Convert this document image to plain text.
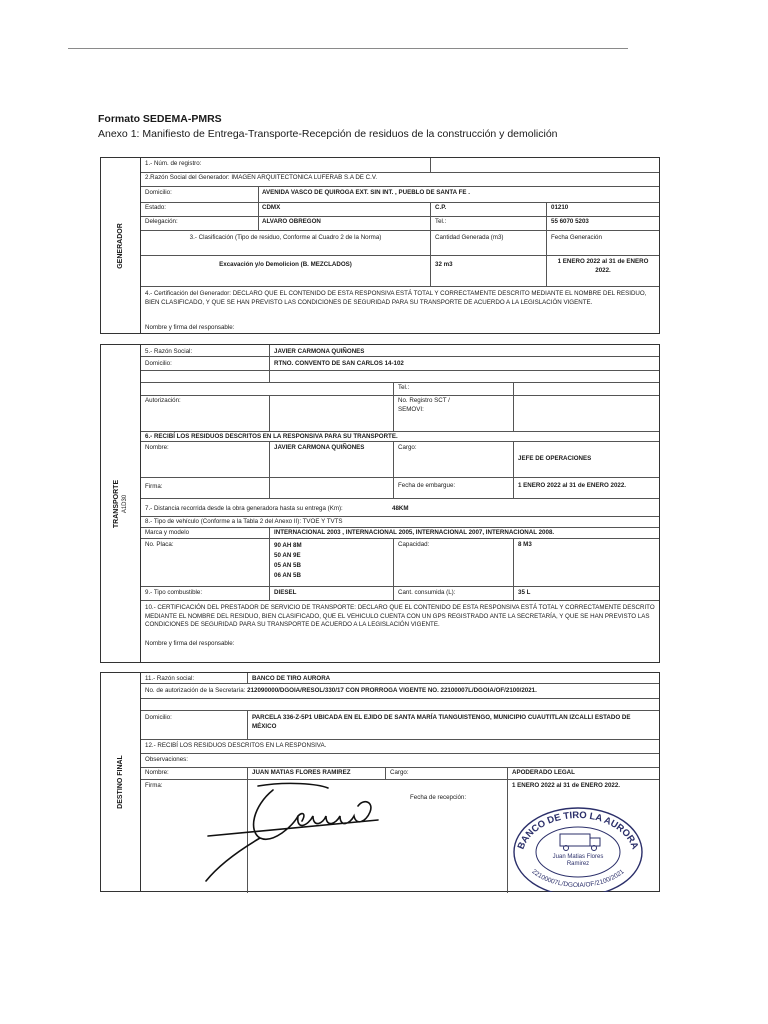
Formato SEDEMA-PMRS
Anexo 1: Manifiesto de Entrega-Transporte-Recepción de residuos de la construcción y demolición
GENERADOR
1.- Núm. de registro:
2.Razón Social del Generador: IMAGEN ARQUITECTONICA LUFERAB S.A DE C.V.
Domicilio:	AVENIDA VASCO DE QUIROGA EXT. SIN INT. , PUEBLO DE SANTA FE .
Estado:	CDMX	C.P.	01210
Delegación:	ALVARO OBREGON	Tel.:	55 6070 5203
3.- Clasificación (Tipo de residuo, Conforme al Cuadro 2 de la Norma)	Cantidad Generada (m3)	Fecha Generación
Excavación y/o Demolicion (B. MEZCLADOS)	32 m3	1 ENERO 2022 al 31 de ENERO 2022.
4.- Certificación del Generador: DECLARO QUE EL CONTENIDO DE ESTA RESPONSIVA ESTÁ TOTAL Y CORRECTAMENTE DESCRITO MEDIANTE EL NOMBRE DEL RESIDUO, BIEN CLASIFICADO, Y QUE SE HAN PREVISTO LAS CONDICIONES DE SEGURIDAD PARA SU TRANSPORTE DE ACUERDO A LA LEGISLACIÓN VIGENTE.
Nombre y firma del responsable:
TRANSPORTE A1D30
5.- Razón Social:	JAVIER CARMONA QUIÑONES
Domicilio:	RTNO. CONVENTO DE SAN CARLOS 14-102
Tel.:
Autorización:	No. Registro SCT / SEMOVI:
6.- RECIBÍ LOS RESIDUOS DESCRITOS EN LA RESPONSIVA PARA SU TRANSPORTE.
Nombre:	JAVIER CARMONA QUIÑONES	Cargo:
JEFE DE OPERACIONES
Firma:	Fecha de embargue:	1 ENERO 2022 al 31 de ENERO 2022.
7.- Distancia recorrida desde la obra generadora hasta su entrega (Km):	48KM
8.- Tipo de vehículo (Conforme a la Tabla 2 del Anexo II): TVOE Y TVTS
Marca y modelo	INTERNACIONAL 2003 , INTERNACIONAL 2005, INTERNACIONAL 2007, INTERNACIONAL 2008.
No. Placa:	90 AH 8M
50 AN 9E
05 AN 5B
06 AN 5B
Capacidad:	8 M3
9.- Tipo combustible:	DIESEL	Cant. consumida (L):	35 L
10.- CERTIFICACIÓN DEL PRESTADOR DE SERVICIO DE TRANSPORTE: DECLARO QUE EL CONTENIDO DE ESTA RESPONSIVA ESTÁ TOTAL Y CORRECTAMENTE DESCRITO MEDIANTE EL NOMBRE DEL RESIDUO, BIEN CLASIFICADO, QUE EL VEHICULO CUENTA CON UN GPS REGISTRADO ANTE LA SECRETARÍA, Y QUE SE HAN PREVISTO LAS CONDICIONES DE SEGURIDAD PARA SU TRANSPORTE DE ACUERDO A LA LEGISLACIÓN VIGENTE.
Nombre y firma del responsable:
DESTINO FINAL
11.- Razón social:	BANCO DE TIRO AURORA
No. de autorización de la Secretaría: 212090000/DGOIA/RESOL/330/17 CON PRORROGA VIGENTE NO. 22100007L/DGOIA/OF/2100/2021.
Domicilio:	PARCELA 336-Z-5P1 UBICADA EN EL EJIDO DE SANTA MARÍA TIANGUISTENGO, MUNICIPIO CUAUTITLAN IZCALLI ESTADO DE MÉXICO
12.- RECIBÍ LOS RESIDUOS DESCRITOS EN LA RESPONSIVA.
Observaciones:
Nombre:	JUAN MATIAS FLORES RAMIREZ	Cargo:	APODERADO LEGAL
Firma:
Fecha de recepción:
1 ENERO 2022 al 31 de ENERO 2022.
BANCO DE TIRO LA AURORA
Juan Matias Flores
Ramirez
22100007L/DGOIA/OF/2100/2021
